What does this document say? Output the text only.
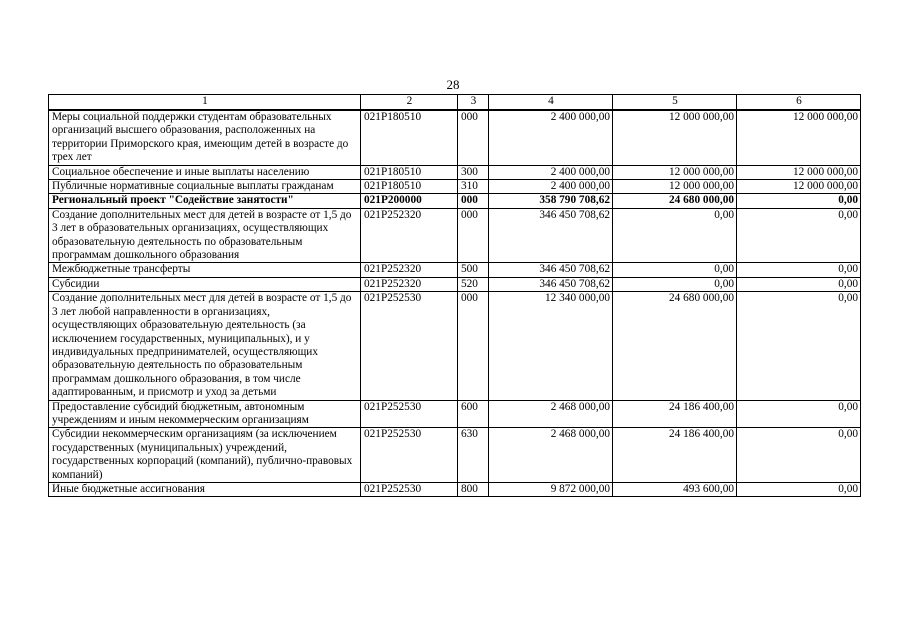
28
1	2	3	4	5	6
Меры социальной поддержки студентам образовательных организаций высшего образования, расположенных на территории Приморского края, имеющим детей в возрасте до трех лет	021P180510	000	2 400 000,00	12 000 000,00	12 000 000,00
Социальное обеспечение и иные выплаты населению	021P180510	300	2 400 000,00	12 000 000,00	12 000 000,00
Публичные нормативные социальные выплаты гражданам	021P180510	310	2 400 000,00	12 000 000,00	12 000 000,00
Региональный проект "Содействие занятости"	021P200000	000	358 790 708,62	24 680 000,00	0,00
Создание дополнительных мест для детей в возрасте от 1,5 до 3 лет в образовательных организациях, осуществляющих образовательную деятельность по образовательным программам дошкольного образования	021P252320	000	346 450 708,62	0,00	0,00
Межбюджетные трансферты	021P252320	500	346 450 708,62	0,00	0,00
Субсидии	021P252320	520	346 450 708,62	0,00	0,00
Создание дополнительных мест для детей в возрасте от 1,5 до 3 лет любой направленности в организациях, осуществляющих образовательную деятельность (за исключением государственных, муниципальных), и у индивидуальных предпринимателей, осуществляющих образовательную деятельность по образовательным программам дошкольного образования, в том числе адаптированным, и присмотр и уход за детьми	021P252530	000	12 340 000,00	24 680 000,00	0,00
Предоставление субсидий бюджетным, автономным учреждениям и иным некоммерческим организациям	021P252530	600	2 468 000,00	24 186 400,00	0,00
Субсидии некоммерческим организациям (за исключением государственных (муниципальных) учреждений, государственных корпораций (компаний), публично-правовых компаний)	021P252530	630	2 468 000,00	24 186 400,00	0,00
Иные бюджетные ассигнования	021P252530	800	9 872 000,00	493 600,00	0,00
